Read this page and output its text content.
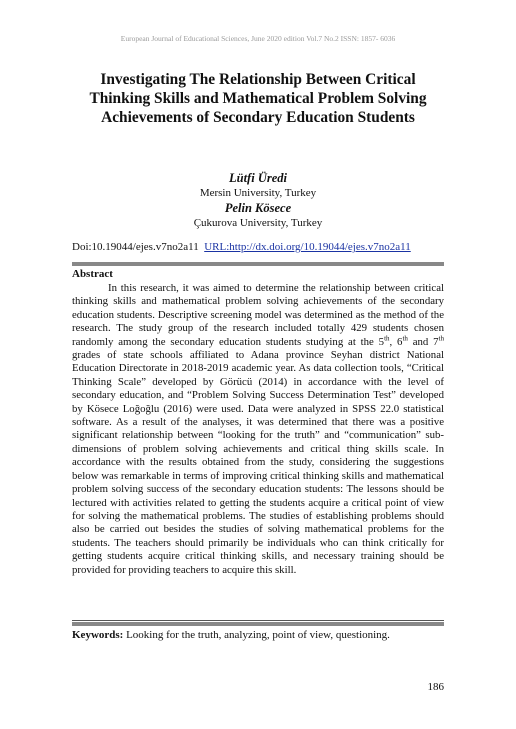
European Journal of Educational Sciences, June 2020 edition Vol.7 No.2 ISSN: 1857- 6036
Investigating The Relationship Between Critical
Thinking Skills and Mathematical Problem Solving
Achievements of Secondary Education Students
Lütfi Üredi
Mersin University, Turkey
Pelin Kösece
Çukurova University, Turkey
Doi:10.19044/ejes.v7no2a11 URL:http://dx.doi.org/10.19044/ejes.v7no2a11
Abstract

In this research, it was aimed to determine the relationship between critical thinking skills and mathematical problem solving achievements of the secondary education students. Descriptive screening model was determined as the method of the research. The study group of the research included totally 429 students chosen randomly among the secondary education students studying at the 5th, 6th and 7th grades of state schools affiliated to Adana province Seyhan district National Education Directorate in 2018-2019 academic year. As data collection tools, “Critical Thinking Scale” developed by Görücü (2014) in accordance with the level of secondary education, and “Problem Solving Success Determination Test” developed by Kösece Loğoğlu (2016) were used. Data were analyzed in SPSS 22.0 statistical software. As a result of the analyses, it was determined that there was a positive significant relationship between “looking for the truth” and “communication” sub-dimensions of problem solving achievements and critical thing skills scale. In accordance with the results obtained from the study, considering the suggestions below was remarkable in terms of improving critical thinking skills and mathematical problem solving success of the secondary education students: The lessons should be lectured with activities related to getting the students acquire a critical point of view for solving the mathematical problems. The studies of establishing problems should also be carried out besides the studies of solving mathematical problems for the students. The teachers should primarily be individuals who can think critically for getting students acquire critical thinking skills, and necessary training should be provided for providing teachers to acquire this skill.

Keywords: Looking for the truth, analyzing, point of view, questioning.
186
